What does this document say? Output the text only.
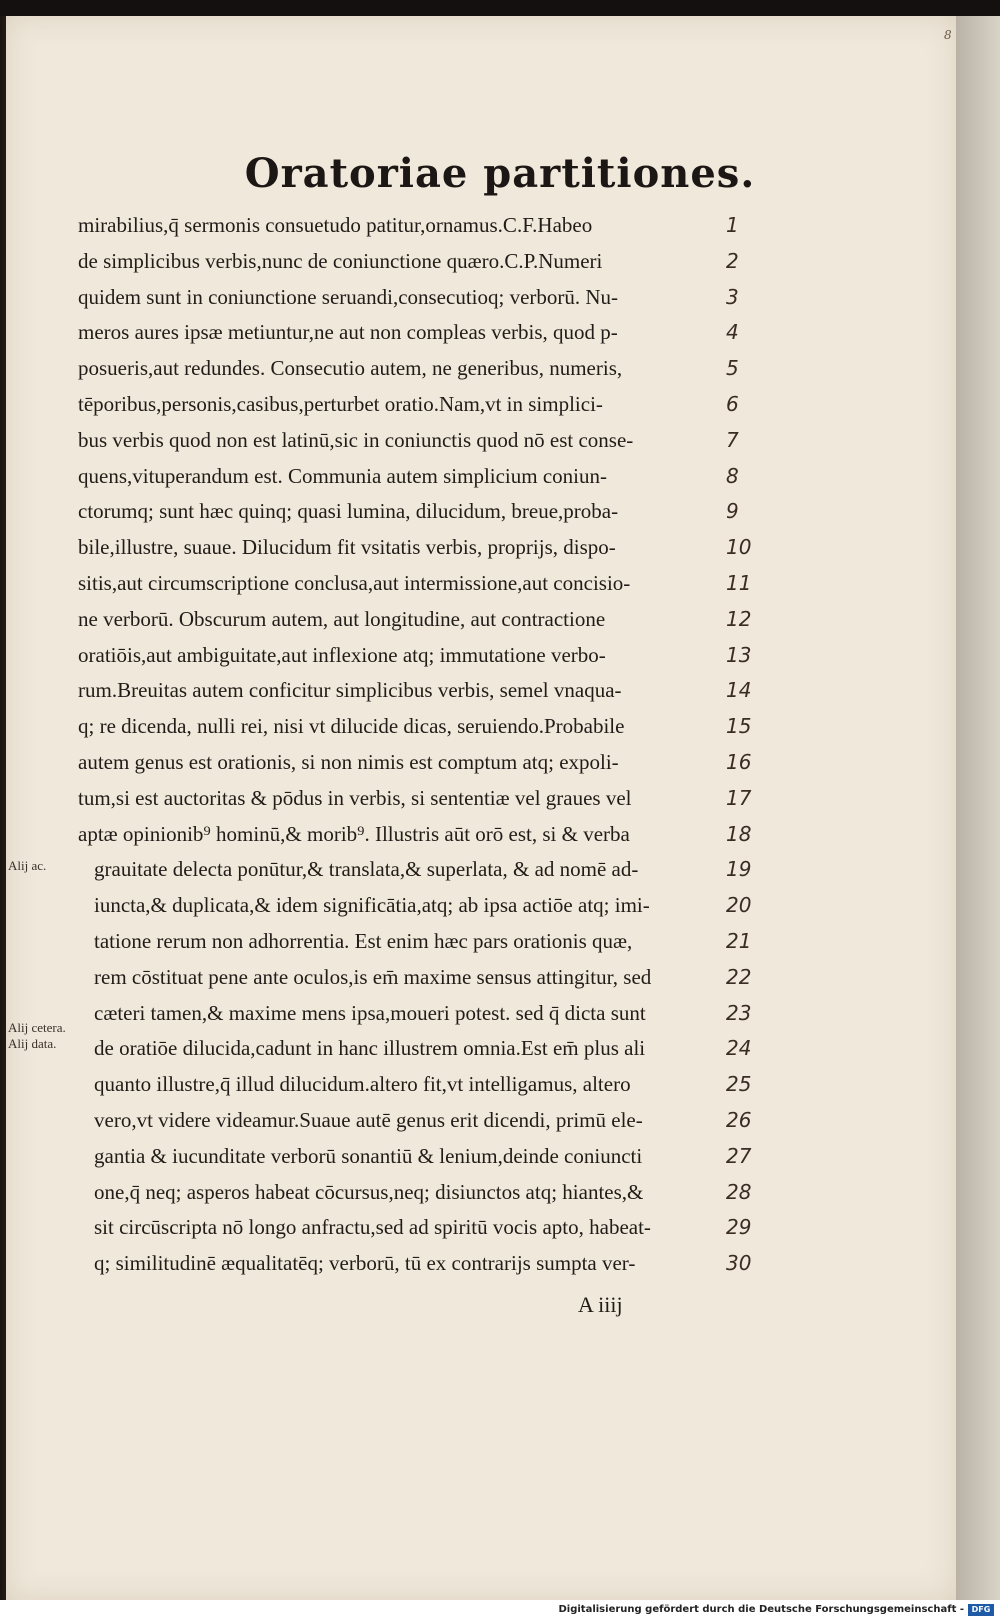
8
Oratoriae partitiones.
mirabilius,q̄ sermonis consuetudo patitur,ornamus.C.F.Habeo
de simplicibus verbis,nunc de coniunctione quæro.C.P.Numeri
quidem sunt in coniunctione seruandi,consecutioq; verborū. Nu-
meros aures ipsæ metiuntur,ne aut non compleas verbis, quod p-
posueris,aut redundes. Consecutio autem, ne generibus, numeris,
tēporibus,personis,casibus,perturbet oratio.Nam,vt in simplici-
bus verbis quod non est latinū,sic in coniunctis quod nō est conse-
quens,vituperandum est. Communia autem simplicium coniun-
ctorumq; sunt hæc quinq; quasi lumina, dilucidum, breue,proba-
bile,illustre, suaue. Dilucidum fit vsitatis verbis, proprijs, dispo-
sitis,aut circumscriptione conclusa,aut intermissione,aut concisio-
ne verborū. Obscurum autem, aut longitudine, aut contractione
oratiōis,aut ambiguitate,aut inflexione atq; immutatione verbo-
rum.Breuitas autem conficitur simplicibus verbis, semel vnaqua-
q; re dicenda, nulli rei, nisi vt dilucide dicas, seruiendo.Probabile
autem genus est orationis, si non nimis est comptum atq; expoli-
tum,si est auctoritas & pōdus in verbis, si sententiæ vel graues vel
aptæ opinionib⁹ hominū,& morib⁹. Illustris aūt orō est, si & verba
grauitate delecta ponūtur,& translata,& superlata, & ad nomē ad-
iuncta,& duplicata,& idem significātia,atq; ab ipsa actiōe atq; imi-
tatione rerum non adhorrentia. Est enim hæc pars orationis quæ,
rem cōstituat pene ante oculos,is em̄ maxime sensus attingitur, sed
cæteri tamen,& maxime mens ipsa,moueri potest. sed q̄ dicta sunt
de oratiōe dilucida,cadunt in hanc illustrem omnia.Est em̄ plus ali
quanto illustre,q̄ illud dilucidum.altero fit,vt intelligamus, altero
vero,vt videre videamur.Suaue autē genus erit dicendi, primū ele-
gantia & iucunditate verborū sonantiū & lenium,deinde coniuncti
one,q̄ neq; asperos habeat cōcursus,neq; disiunctos atq; hiantes,&
sit circūscripta nō longo anfractu,sed ad spiritū vocis apto, habeat-
q; similitudinē æqualitatēq; verborū, tū ex contrarijs sumpta ver-
Alij ac.
Alij cetera.
Alij data.
A iiij
Digitalisierung gefördert durch die Deutsche Forschungsgemeinschaft - DFG
1
2
3
4
5
6
7
8
9
10
11
12
13
14
15
16
17
18
19
20
21
22
23
24
25
26
27
28
29
30
